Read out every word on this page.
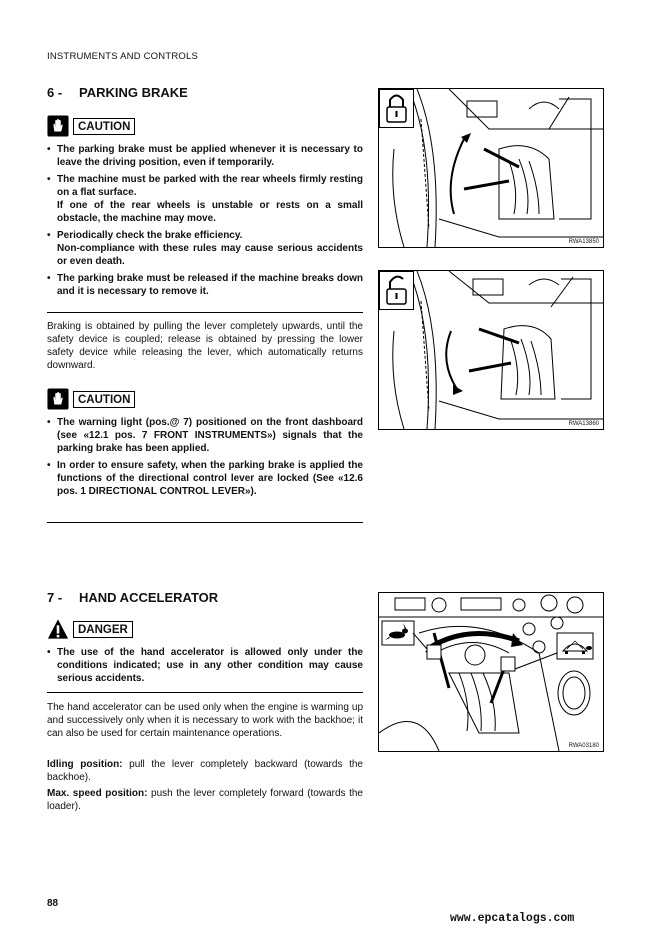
INSTRUMENTS AND CONTROLS
6 - PARKING BRAKE
CAUTION
• The parking brake must be applied whenever it is necessary to leave the driving position, even if temporarily.
• The machine must be parked with the rear wheels firmly resting on a flat surface.
If one of the rear wheels is unstable or rests on a small obstacle, the machine may move.
• Periodically check the brake efficiency.
Non-compliance with these rules may cause serious accidents or even death.
• The parking brake must be released if the machine breaks down and it is necessary to remove it.
Braking is obtained by pulling the lever completely upwards, until the safety device is coupled; release is obtained by pressing the lower safety device while releasing the lever, which automatically returns downward.
CAUTION
• The warning light (pos.@ 7) positioned on the front dashboard (see «12.1 pos. 7 FRONT INSTRUMENTS») signals that the parking brake has been applied.
• In order to ensure safety, when the parking brake is applied the functions of the directional control lever are locked (See «12.6 pos. 1 DIRECTIONAL CONTROL LEVER»).
RWA13850
RWA13860
7 - HAND ACCELERATOR
DANGER
• The use of the hand accelerator is allowed only under the conditions indicated; use in any other condition may cause serious accidents.
The hand accelerator can be used only when the engine is warming up and successively only when it is necessary to work with the backhoe; it can also be used for certain maintenance operations.
Idling position: pull the lever completely backward (towards the backhoe).
Max. speed position: push the lever completely forward (towards the loader).
RWA03180
88
www.epcatalogs.com
